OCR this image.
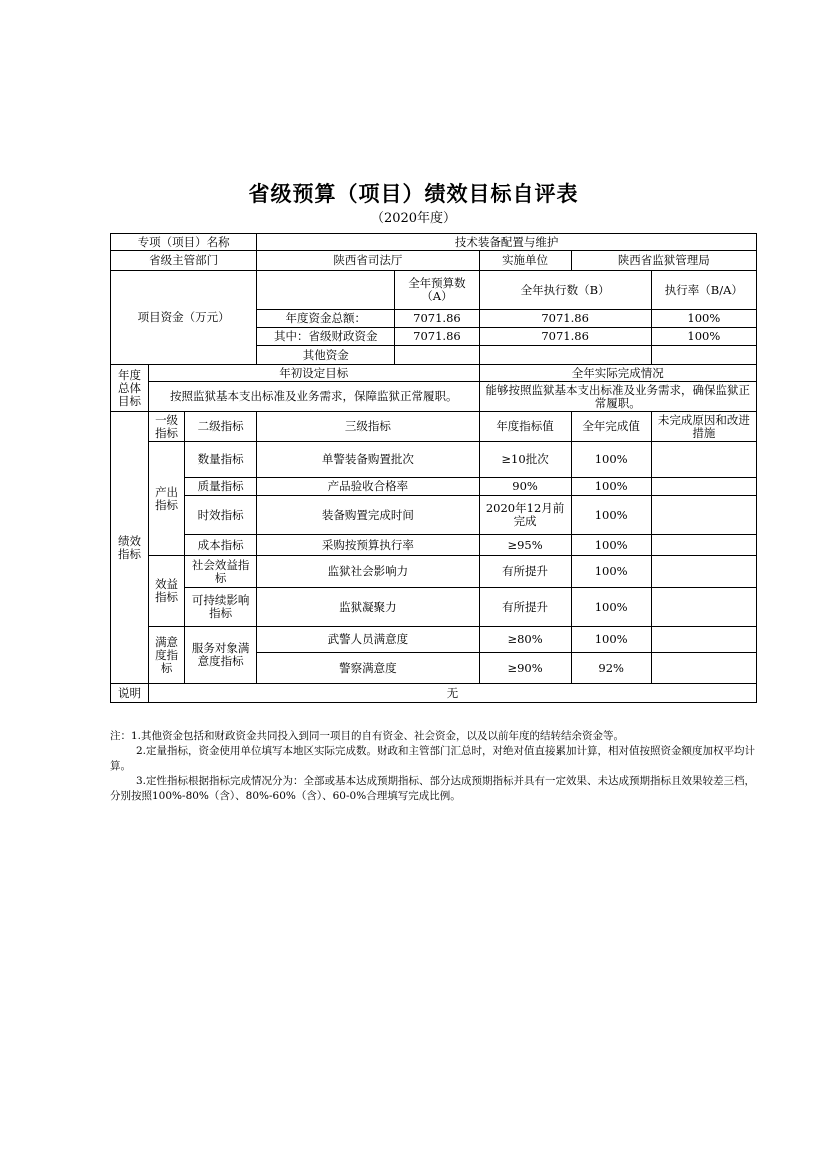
省级预算（项目）绩效目标自评表
（2020年度）
专项（项目）名称			技术装备配置与维护				
省级主管部门			陕西省司法厅		实施单位	陕西省监狱管理局	
项目资金（万元）				全年预算数（A）	全年执行数（B）		执行率（B/A）
			年度资金总额：	7071.86	7071.86		100%
			其中：省级财政资金	7071.86	7071.86		100%
			其他资金				
年度总体目标	年初设定目标				全年实际完成情况		
	按照监狱基本支出标准及业务需求，保障监狱正常履职。				能够按照监狱基本支出标准及业务需求，确保监狱正常履职。		
绩效指标	一级指标	二级指标	三级指标		年度指标值	全年完成值	未完成原因和改进措施
	产出指标	数量指标	单警装备购置批次		≥10批次	100%	
		质量指标	产品验收合格率		90%	100%	
		时效指标	装备购置完成时间		2020年12月前完成	100%	
		成本指标	采购按预算执行率		≥95%	100%	
	效益指标	社会效益指标	监狱社会影响力		有所提升	100%	
		可持续影响指标	监狱凝聚力		有所提升	100%	
	满意度指标	服务对象满意度指标	武警人员满意度		≥80%	100%	
			警察满意度		≥90%	92%	
说明	无						

注：1.其他资金包括和财政资金共同投入到同一项目的自有资金、社会资金，以及以前年度的结转结余资金等。

2.定量指标，资金使用单位填写本地区实际完成数。财政和主管部门汇总时，对绝对值直接累加计算，相对值按照资金额度加权平均计算。

3.定性指标根据指标完成情况分为：全部或基本达成预期指标、部分达成预期指标并具有一定效果、未达成预期指标且效果较差三档，分别按照100%-80%（含）、80%-60%（含）、60-0%合理填写完成比例。
